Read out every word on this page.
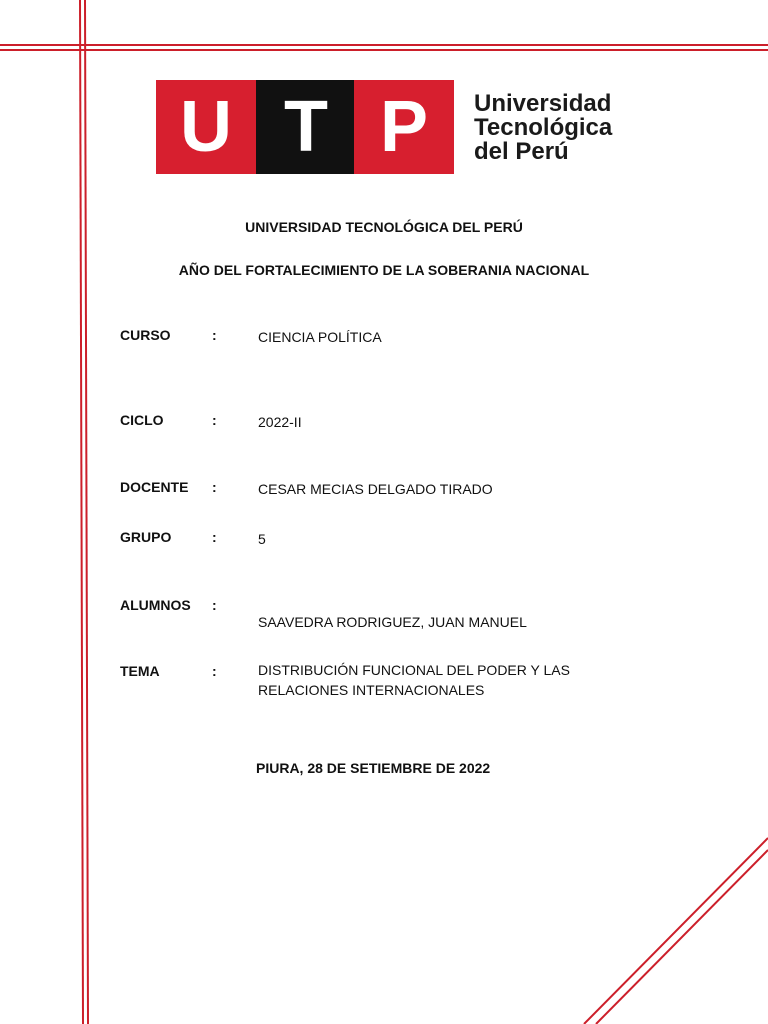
U T P Universidad
Tecnológica
del Perú
UNIVERSIDAD TECNOLÓGICA DEL PERÚ
AÑO DEL FORTALECIMIENTO DE LA SOBERANIA NACIONAL
CURSO	:	CIENCIA POLÍTICA
CICLO	:	2022-II
DOCENTE :	CESAR MECIAS DELGADO TIRADO
GRUPO	:	5
ALUMNOS :
SAAVEDRA RODRIGUEZ, JUAN MANUEL
TEMA	:	DISTRIBUCIÓN FUNCIONAL DEL PODER Y LAS
RELACIONES INTERNACIONALES
PIURA, 28 DE SETIEMBRE DE 2022
